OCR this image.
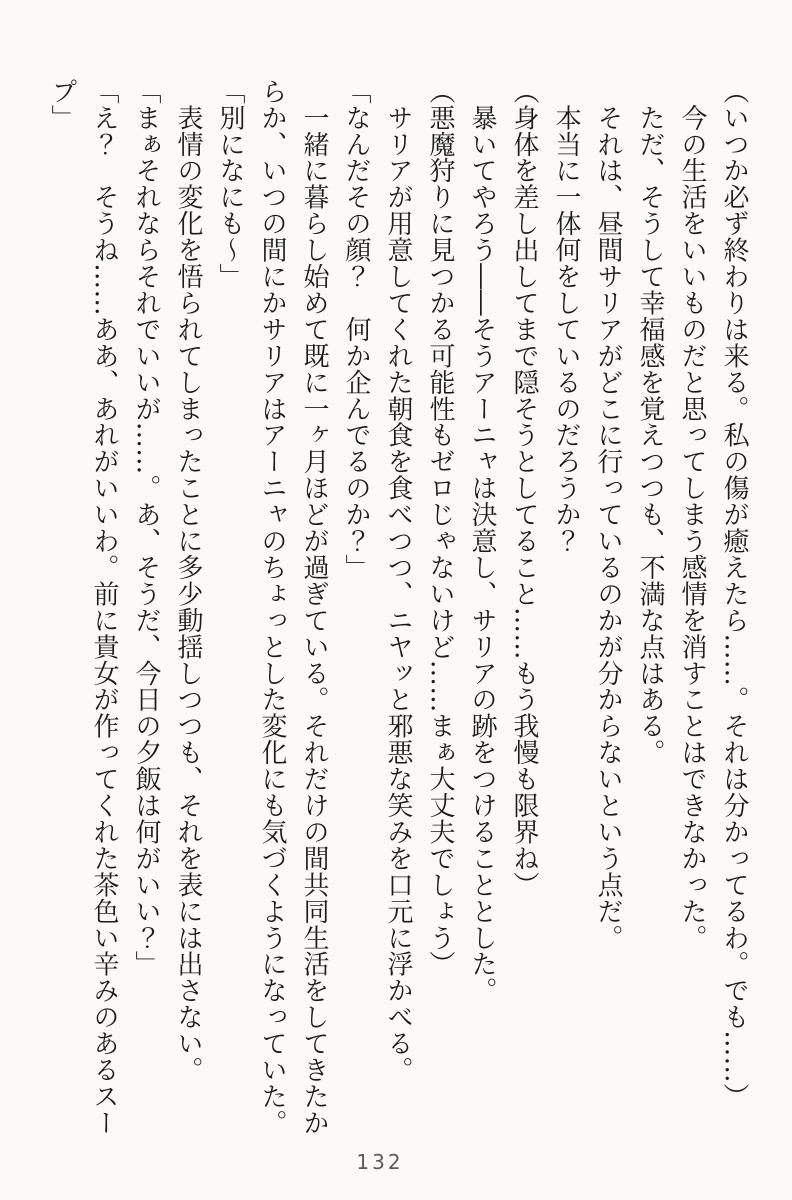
（いつか必ず終わりは来る。私の傷が癒えたら……。それは分かってるわ。でも……）
　今の生活をいいものだと思ってしまう感情を消すことはできなかった。
　ただ、そうして幸福感を覚えつつも、不満な点はある。
　それは、昼間サリアがどこに行っているのかが分からないという点だ。
　本当に一体何をしているのだろうか？
（身体を差し出してまで隠そうとしてること……もう我慢も限界ね）
　暴いてやろう――そうアーニャは決意し、サリアの跡をつけることとした。
（悪魔狩りに見つかる可能性もゼロじゃないけど……まぁ大丈夫でしょう）
　サリアが用意してくれた朝食を食べつつ、ニヤッと邪悪な笑みを口元に浮かべる。
「なんだその顔？　何か企んでるのか？」
　一緒に暮らし始めて既に一ヶ月ほどが過ぎている。それだけの間共同生活をしてきたか
らか、いつの間にかサリアはアーニャのちょっとした変化にも気づくようになっていた。
「別になにも〜」
　表情の変化を悟られてしまったことに多少動揺しつつも、それを表には出さない。
「まぁそれならそれでいいが……。あ、そうだ、今日の夕飯は何がいい？」
「え？　そうね……ああ、あれがいいわ。前に貴女が作ってくれた茶色い辛みのあるスー
プ」
132
